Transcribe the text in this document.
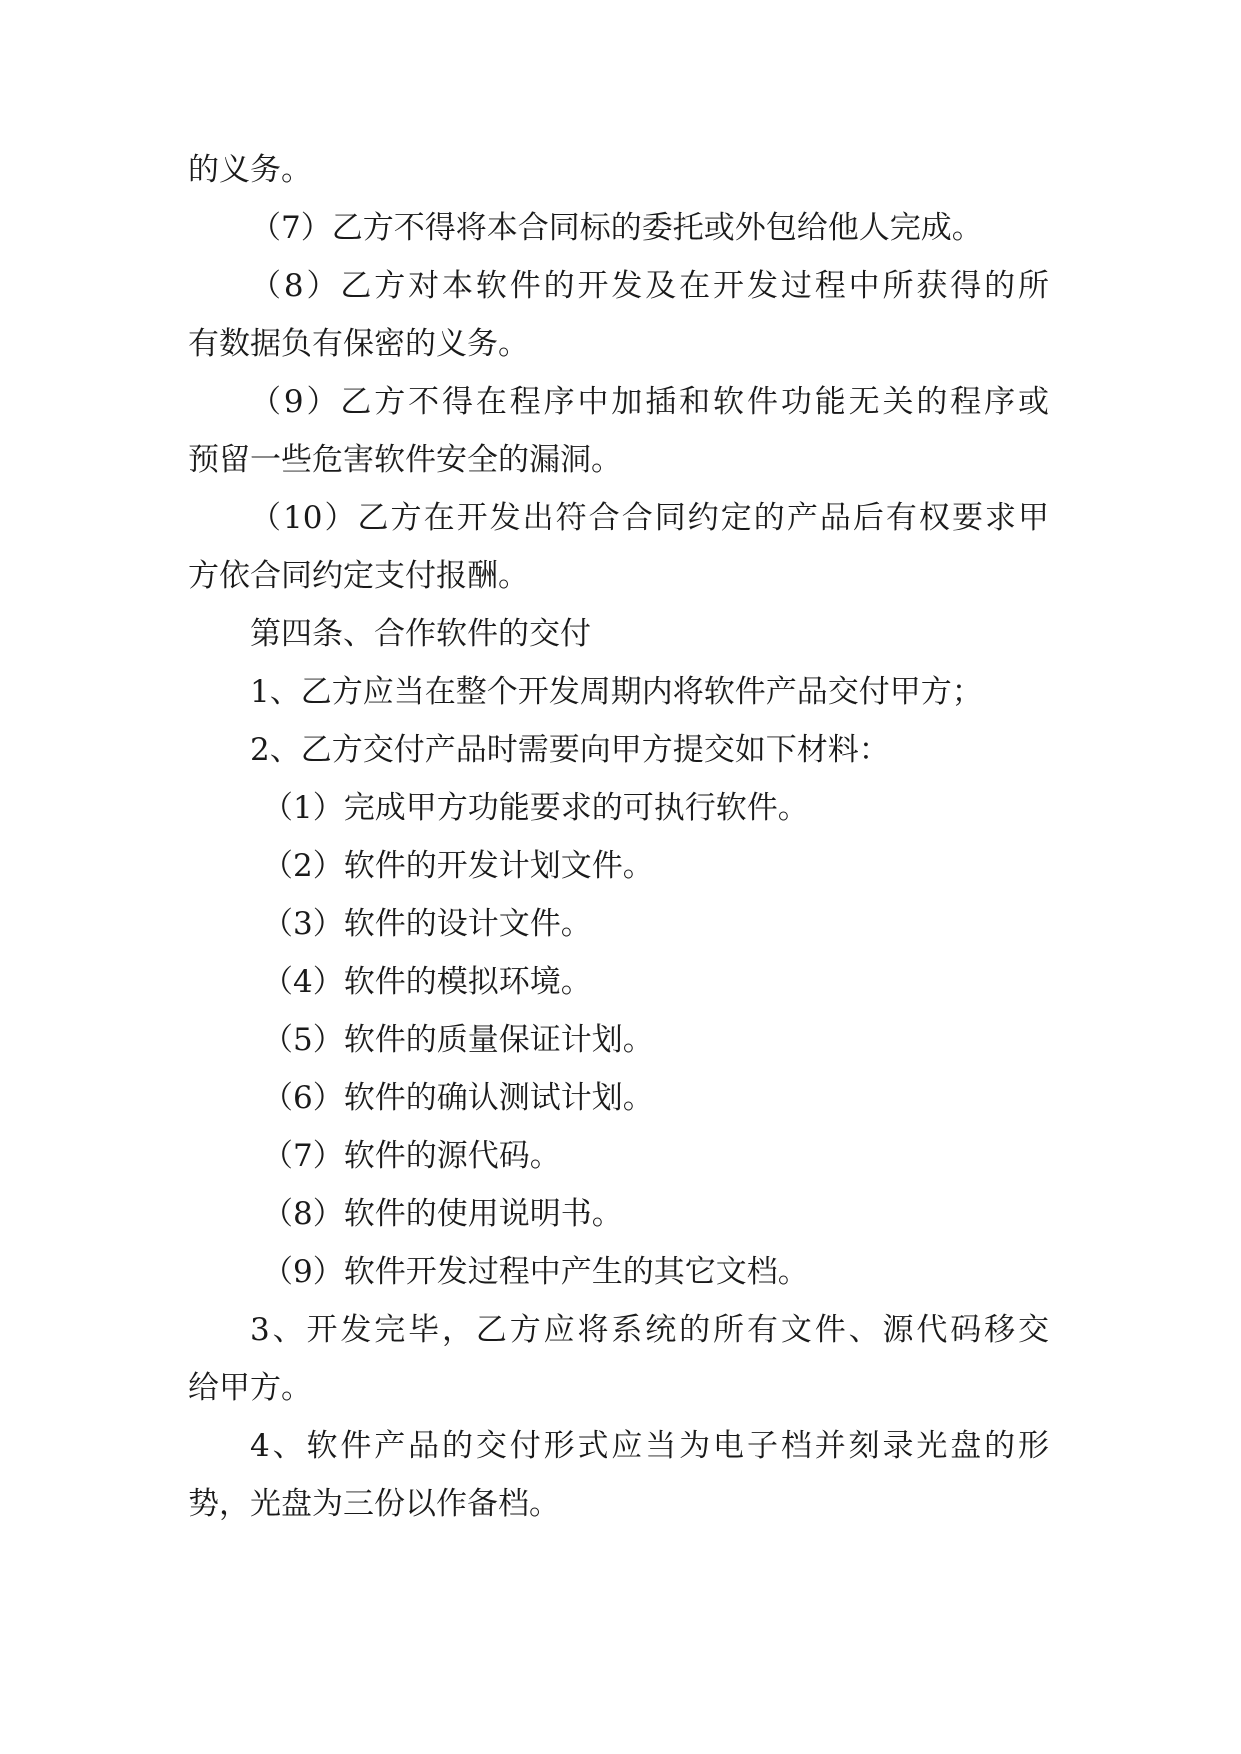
的义务。
（7）乙方不得将本合同标的委托或外包给他人完成。
（8）乙方对本软件的开发及在开发过程中所获得的所
有数据负有保密的义务。
（9）乙方不得在程序中加插和软件功能无关的程序或
预留一些危害软件安全的漏洞。
（10）乙方在开发出符合合同约定的产品后有权要求甲
方依合同约定支付报酬。
第四条、合作软件的交付
1、乙方应当在整个开发周期内将软件产品交付甲方；
2、乙方交付产品时需要向甲方提交如下材料：
（1）完成甲方功能要求的可执行软件。
（2）软件的开发计划文件。
（3）软件的设计文件。
（4）软件的模拟环境。
（5）软件的质量保证计划。
（6）软件的确认测试计划。
（7）软件的源代码。
（8）软件的使用说明书。
（9）软件开发过程中产生的其它文档。
3、开发完毕，乙方应将系统的所有文件、源代码移交
给甲方。
4、软件产品的交付形式应当为电子档并刻录光盘的形
势，光盘为三份以作备档。
